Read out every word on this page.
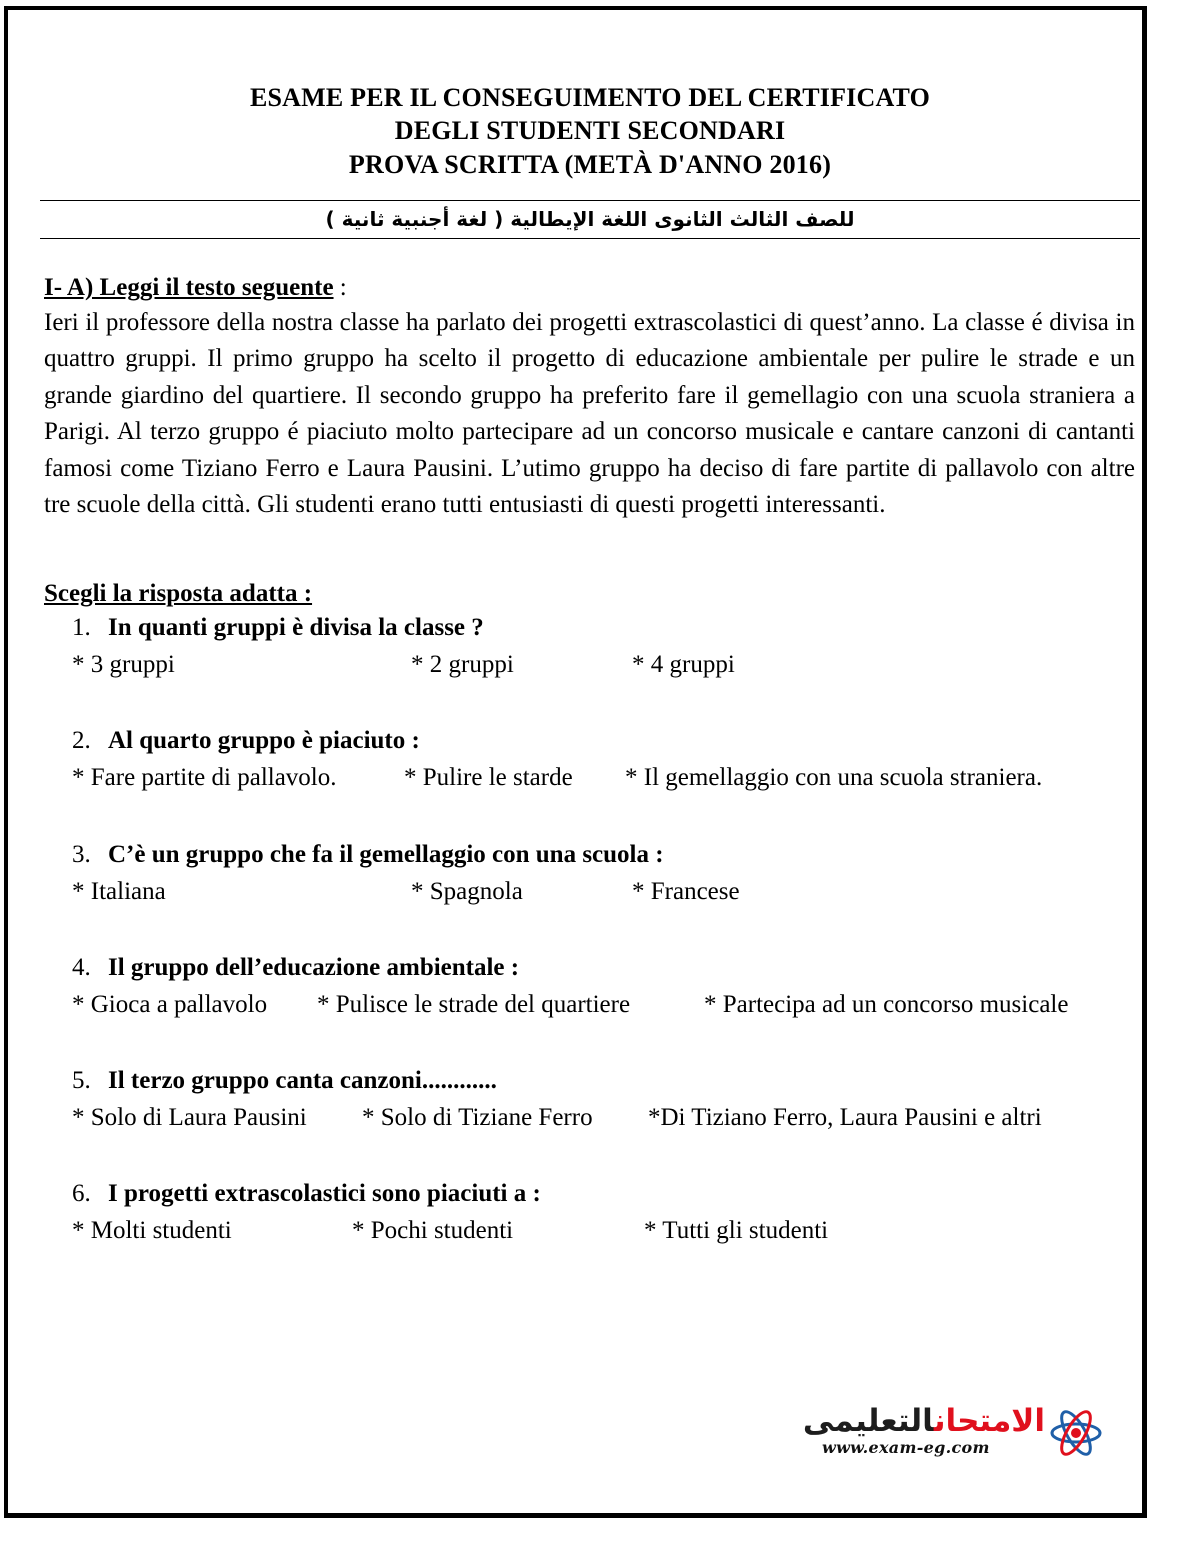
ESAME PER IL CONSEGUIMENTO DEL CERTIFICATO
DEGLI STUDENTI SECONDARI
PROVA SCRITTA (METÀ D'ANNO 2016)
للصف الثالث الثانوى اللغة الإيطالية ( لغة أجنبية ثانية )
I- A) Leggi il testo seguente :
Ieri il professore della nostra classe ha parlato dei progetti extrascolastici di quest’anno. La classe é divisa in quattro gruppi. Il primo gruppo ha scelto il progetto di educazione ambientale per pulire le strade e un grande giardino del quartiere. Il secondo gruppo ha preferito fare il gemellagio con una scuola straniera a Parigi. Al terzo gruppo é piaciuto molto partecipare ad un concorso musicale e cantare canzoni di cantanti famosi come Tiziano Ferro e Laura Pausini. L’utimo gruppo ha deciso di fare partite di pallavolo con altre tre scuole della città. Gli studenti erano tutti entusiasti di questi progetti interessanti.
Scegli la risposta adatta :
1. In quanti gruppi è divisa la classe ?
* 3 gruppi	* 2 gruppi	* 4 gruppi
2. Al quarto gruppo è piaciuto :
* Fare partite di pallavolo.	* Pulire le starde * Il gemellaggio con una scuola straniera.
3. C’è un gruppo che fa il gemellaggio con una scuola :
* Italiana	* Spagnola	* Francese
4. Il gruppo dell’educazione ambientale :
* Gioca a pallavolo * Pulisce le strade del quartiere	* Partecipa ad un concorso musicale
5. Il terzo gruppo canta canzoni............
* Solo di Laura Pausini * Solo di Tiziane Ferro *Di Tiziano Ferro, Laura Pausini e altri
6. I progetti extrascolastici sono piaciuti a :
* Molti studenti	* Pochi studenti	* Tutti gli studenti
الامتحانالتعليمى
www.exam-eg.com
